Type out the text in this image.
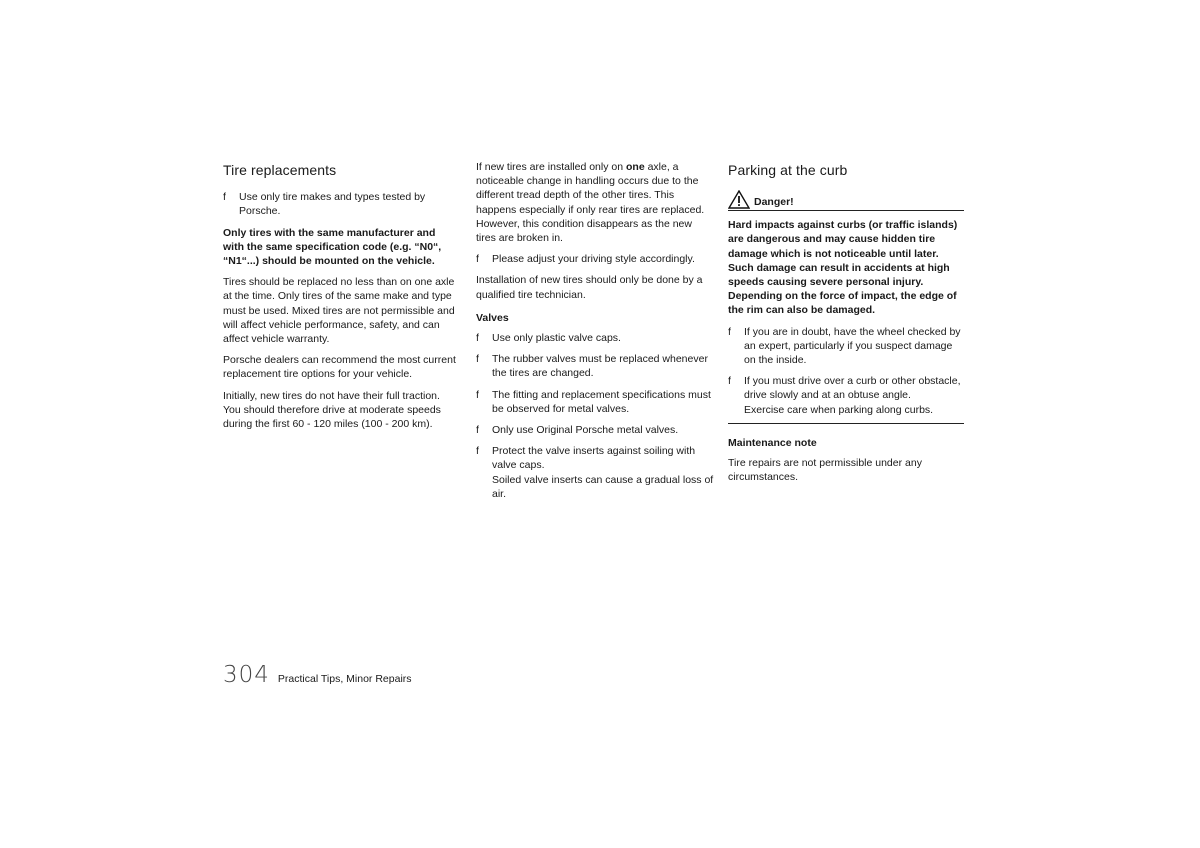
Tire replacements
f	Use only tire makes and types tested by Porsche.
Only tires with the same manufacturer and with the same specification code (e.g. “N0“, “N1“...) should be mounted on the vehicle.
Tires should be replaced no less than on one axle at the time. Only tires of the same make and type must be used. Mixed tires are not permissible and will affect vehicle performance, safety, and can affect vehicle warranty.
Porsche dealers can recommend the most current replacement tire options for your vehicle.
Initially, new tires do not have their full traction. You should therefore drive at moderate speeds during the first 60 - 120 miles (100 - 200 km).
If new tires are installed only on one axle, a noticeable change in handling occurs due to the different tread depth of the other tires. This happens especially if only rear tires are replaced. However, this condition disappears as the new tires are broken in.
f	Please adjust your driving style accordingly.
Installation of new tires should only be done by a qualified tire technician.
Valves
f	Use only plastic valve caps.
f	The rubber valves must be replaced whenever the tires are changed.
f	The fitting and replacement specifications must be observed for metal valves.
f	Only use Original Porsche metal valves.
f	Protect the valve inserts against soiling with valve caps.
Soiled valve inserts can cause a gradual loss of air.
Parking at the curb
Danger!
Hard impacts against curbs (or traffic islands) are dangerous and may cause hidden tire damage which is not noticeable until later. Such damage can result in accidents at high speeds causing severe personal injury. Depending on the force of impact, the edge of the rim can also be damaged.
f	If you are in doubt, have the wheel checked by an expert, particularly if you suspect damage on the inside.
f	If you must drive over a curb or other obstacle, drive slowly and at an obtuse angle.
Exercise care when parking along curbs.
Maintenance note
Tire repairs are not permissible under any circumstances.
304 Practical Tips, Minor Repairs
